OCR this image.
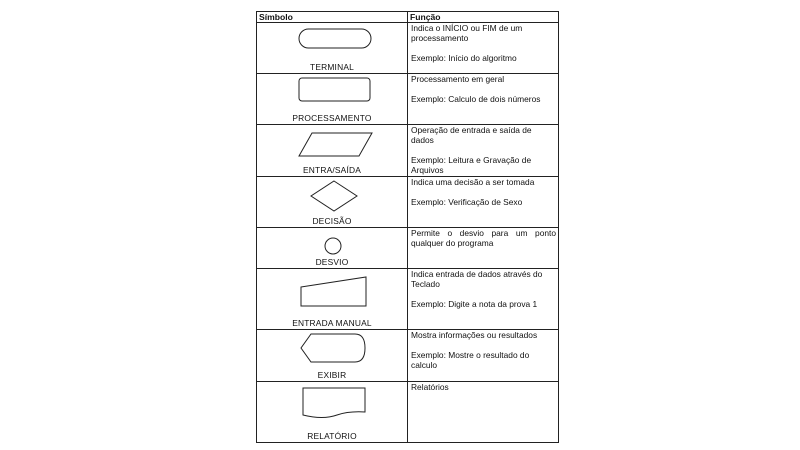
Símbolo	Função

TERMINAL	Indica o INÍCIO ou FIM de um processamento

Exemplo: Início do algoritmo

PROCESSAMENTO	Processamento em geral

Exemplo: Calculo de dois números

ENTRA/SAÍDA	Operação de entrada e saída de dados

Exemplo: Leitura e Gravação de Arquivos

DECISÃO	Indica uma decisão a ser tomada

Exemplo: Verificação de Sexo

DESVIO	Permite o desvio para um ponto qualquer do programa

ENTRADA MANUAL	Indica entrada de dados através do Teclado

Exemplo: Digite a nota da prova 1

EXIBIR	Mostra informações ou resultados

Exemplo: Mostre o resultado do calculo

RELATÓRIO	Relatórios
